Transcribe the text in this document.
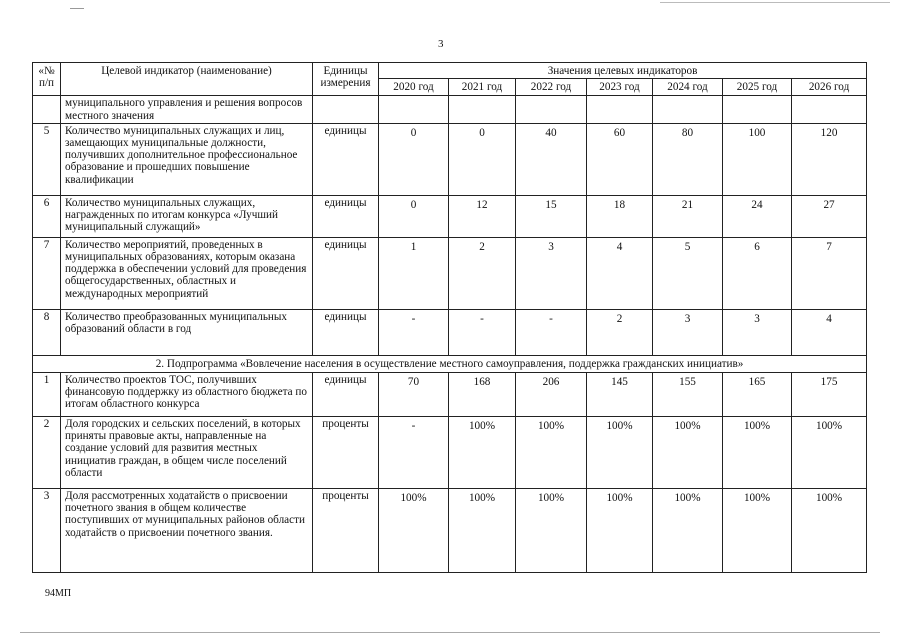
3
«№ п/п	Целевой индикатор (наименование)	Единицы измерения	Значения целевых индикаторов						
			2020 год	2021 год	2022 год	2023 год	2024 год	2025 год	2026 год
	муниципального управления и решения вопросов местного значения								
5	Количество муниципальных служащих и лиц, замещающих муниципальные должности, получивших дополнительное профессиональное образование и прошедших повышение квалификации	единицы	0	0	40	60	80	100	120
6	Количество муниципальных служащих, награжденных по итогам конкурса «Лучший муниципальный служащий»	единицы	0	12	15	18	21	24	27
7	Количество мероприятий, проведенных в муниципальных образованиях, которым оказана поддержка в обеспечении условий для проведения общегосударственных, областных и международных мероприятий	единицы	1	2	3	4	5	6	7
8	Количество преобразованных муниципальных образований области в год	единицы	-	-	-	2	3	3	4
2. Подпрограмма «Вовлечение населения в осуществление местного самоуправления, поддержка гражданских инициатив»									
1	Количество проектов ТОС, получивших финансовую поддержку из областного бюджета по итогам областного конкурса	единицы	70	168	206	145	155	165	175
2	Доля городских и сельских поселений, в которых приняты правовые акты, направленные на создание условий для развития местных инициатив граждан, в общем числе поселений области	проценты	-	100%	100%	100%	100%	100%	100%
3	Доля рассмотренных ходатайств о присвоении почетного звания в общем количестве поступивших от муниципальных районов области ходатайств о присвоении почетного звания.	проценты	100%	100%	100%	100%	100%	100%	100%
94МП
